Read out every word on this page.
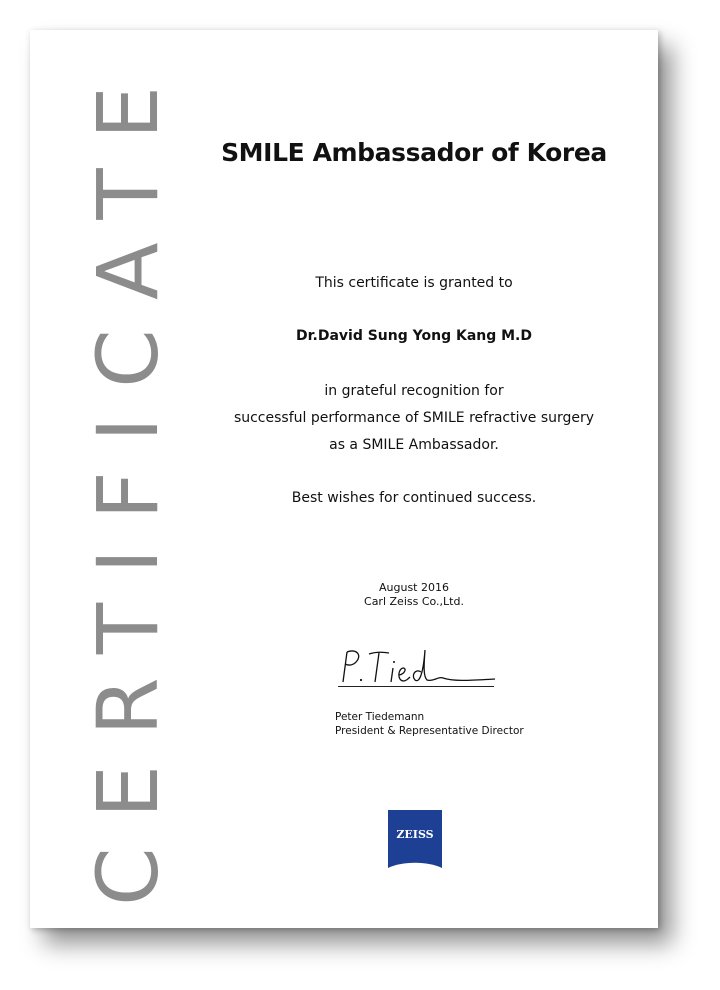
CERTIFICATE
SMILE Ambassador of Korea
This certificate is granted to
Dr.David Sung Yong Kang M.D
in grateful recognition for
successful performance of SMILE refractive surgery
as a SMILE Ambassador.
Best wishes for continued success.
August 2016
Carl Zeiss Co.,Ltd.
Peter Tiedemann
President & Representative Director
ZEISS
